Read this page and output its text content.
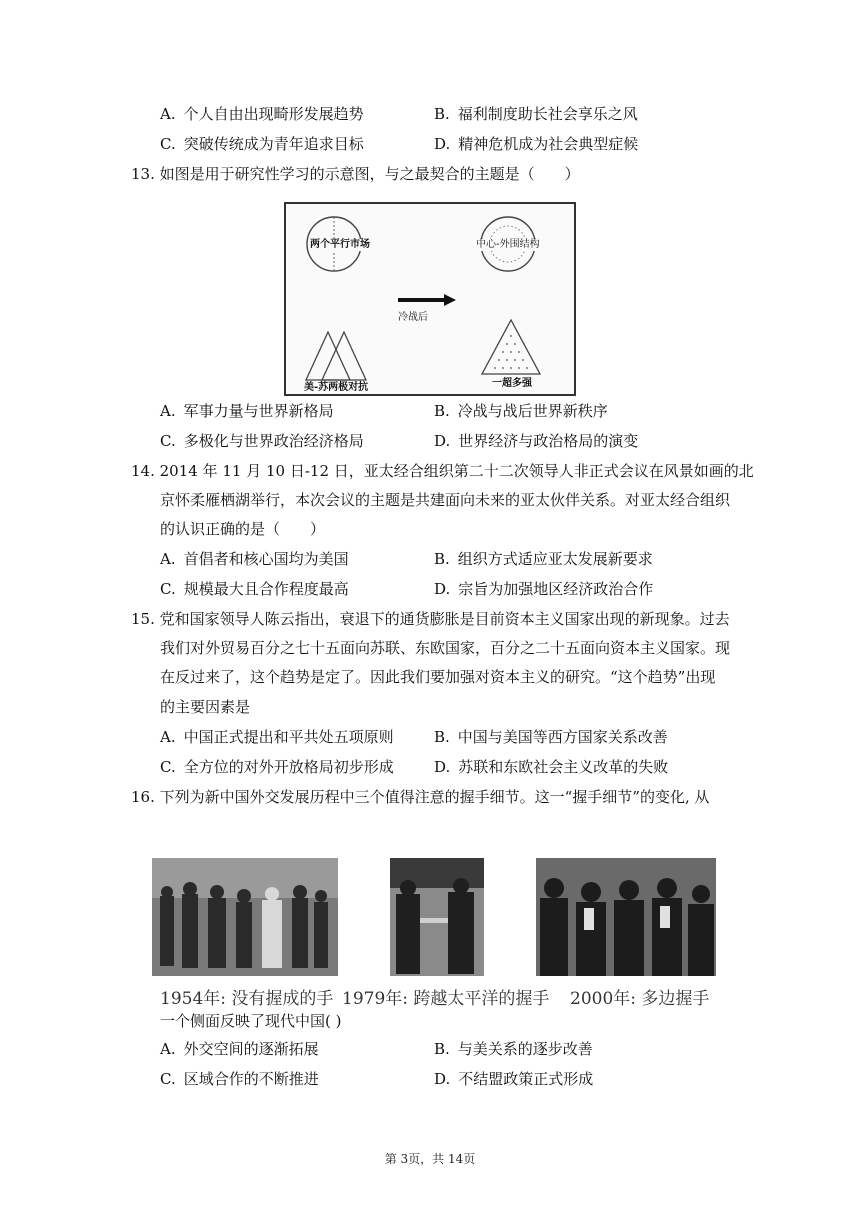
A. 个人自由出现畸形发展趋势	B. 福利制度助长社会享乐之风
C. 突破传统成为青年追求目标	D. 精神危机成为社会典型症候
13. 如图是用于研究性学习的示意图，与之最契合的主题是（　　）
两个平行市场	中心-外围结构
冷战后
美-苏两极对抗	一超多强
A. 军事力量与世界新格局	B. 冷战与战后世界新秩序
C. 多极化与世界政治经济格局	D. 世界经济与政治格局的演变
14. 2014 年 11 月 10 日-12 日，亚太经合组织第二十二次领导人非正式会议在风景如画的北
京怀柔雁栖湖举行，本次会议的主题是共建面向未来的亚太伙伴关系。对亚太经合组织
的认识正确的是（　　）
A. 首倡者和核心国均为美国	B. 组织方式适应亚太发展新要求
C. 规模最大且合作程度最高	D. 宗旨为加强地区经济政治合作
15. 党和国家领导人陈云指出，衰退下的通货膨胀是目前资本主义国家出现的新现象。过去
我们对外贸易百分之七十五面向苏联、东欧国家，百分之二十五面向资本主义国家。现
在反过来了，这个趋势是定了。因此我们要加强对资本主义的研究。“这个趋势”出现
的主要因素是
A. 中国正式提出和平共处五项原则	B. 中国与美国等西方国家关系改善
C. 全方位的对外开放格局初步形成	D. 苏联和东欧社会主义改革的失败
16. 下列为新中国外交发展历程中三个值得注意的握手细节。这一“握手细节”的变化, 从
1954年: 没有握成的手 1979年: 跨越太平洋的握手 2000年: 多边握手
一个侧面反映了现代中国( )
A. 外交空间的逐渐拓展	B. 与美关系的逐步改善
C. 区域合作的不断推进	D. 不结盟政策正式形成
第 3页，共 14页
